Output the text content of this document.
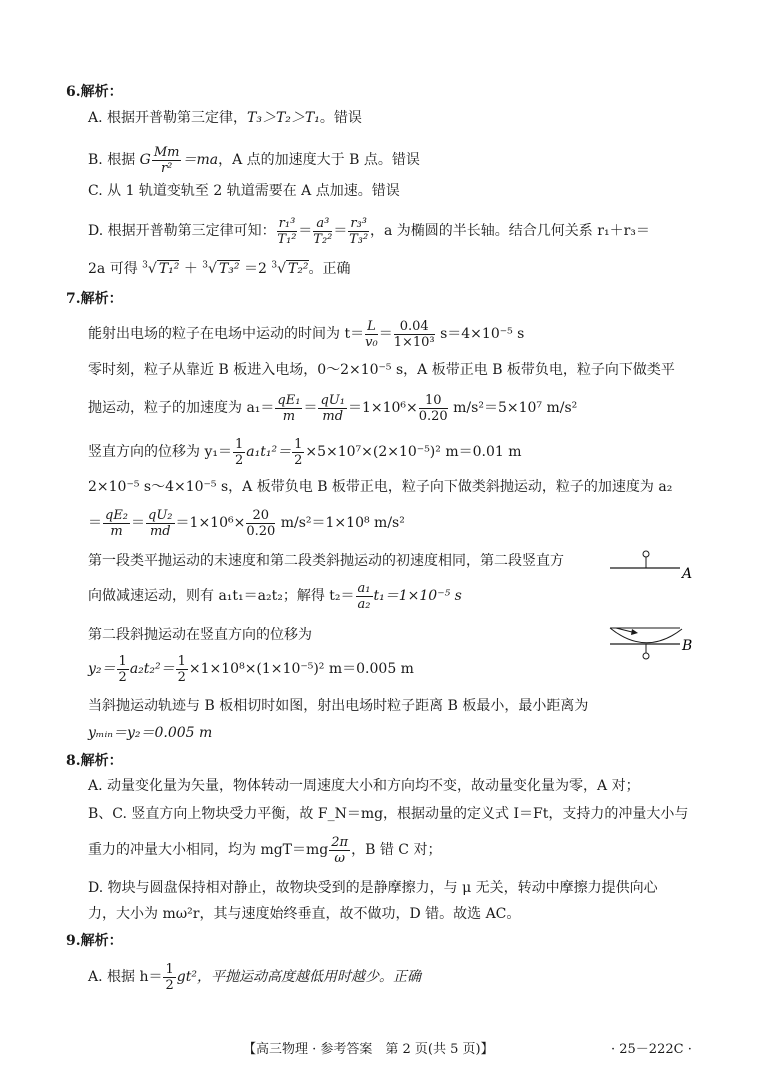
6.解析：
A. 根据开普勒第三定律，T₃＞T₂＞T₁。错误
B. 根据 G $\frac{Mm}{\text{r²}} =ma$，A 点的加速度大于 B 点。错误
C. 从 1 轨道变轨至 2 轨道需要在 A 点加速。错误
D. 根据开普勒第三定律可知： $\frac{\text{r₁³}}{\text{T₁²}} = \frac{\text{a³}}{\text{T₂²}} = \frac{\text{r₃³}}{\text{T₃²}}$ ，a 为椭圆的半长轴。结合几何关系 r₁＋r₃＝
2a 可得 $^3$√ T₁² ＋ $^3$√ T₃² ＝2 $^3$√ T₂²。正确
7.解析：
能射出电场的粒子在电场中运动的时间为 $t= \frac{L}{\text{v₀}} = \frac{0.04}{\text{1×10³}} s=4\times 10^{-5}$ s
零时刻，粒子从靠近 B 板进入电场，0～2×10⁻⁵ s，A 板带正电 B 板带负电，粒子向下做类平
抛运动，粒子的加速度为 $a_1= \frac{\text{qE₁}}{m} = \frac{\text{qU₁}}{md} =1\times 10^6\times \frac{10}{0.20} m/s^2=5\times 10^7$ m/s²
竖直方向的位移为 $y_1= \frac{1}{2} a_1t_1^2= \frac{1}{2} \times 5\times 10^7\times(2\times 10^{-5})^2$ m＝0.01 m
2×10⁻⁵ s～4×10⁻⁵ s，A 板带负电 B 板带正电，粒子向下做类斜抛运动，粒子的加速度为 a₂
＝ $\frac{\text{qE₂}}{m} = \frac{\text{qU₂}}{md} =1\times 10^6\times \frac{20}{0.20} m/s^2=1\times 10^8$ m/s²
第一段类平抛运动的末速度和第二段类斜抛运动的初速度相同，第二段竖直方
向做减速运动，则有 a₁t₁＝a₂t₂；解得 $t_2= \frac{\text{a₁}}{\text{a₂}} t_1=1\times 10^{-5}$ s
第二段斜抛运动在竖直方向的位移为
$y_2= \frac{1}{2} a_2t_2^2= \frac{1}{2} \times 1\times 10^8\times(1\times 10^{-5})^2$ m＝0.005 m
当斜抛运动轨迹与 B 板相切时如图，射出电场时粒子距离 B 板最小，最小距离为
yₘᵢₙ＝y₂＝0.005 m
A
B
8.解析：
A. 动量变化量为矢量，物体转动一周速度大小和方向均不变，故动量变化量为零，A 对；
B、C. 竖直方向上物块受力平衡，故 F_N＝mg，根据动量的定义式 I＝Ft，支持力的冲量大小与
重力的冲量大小相同，均为 $mgT=mg \frac{2\pi}{\omega}$ ，B 错 C 对；
D. 物块与圆盘保持相对静止，故物块受到的是静摩擦力，与 μ 无关，转动中摩擦力提供向心
力，大小为 mω²r，其与速度始终垂直，故不做功，D 错。故选 AC。
9.解析：
A. 根据 $h= \frac{1}{2} gt^2$，平抛运动高度越低用时越少。正确
【高三物理 · 参考答案　第 2 页(共 5 页)】	· 25－222C ·
